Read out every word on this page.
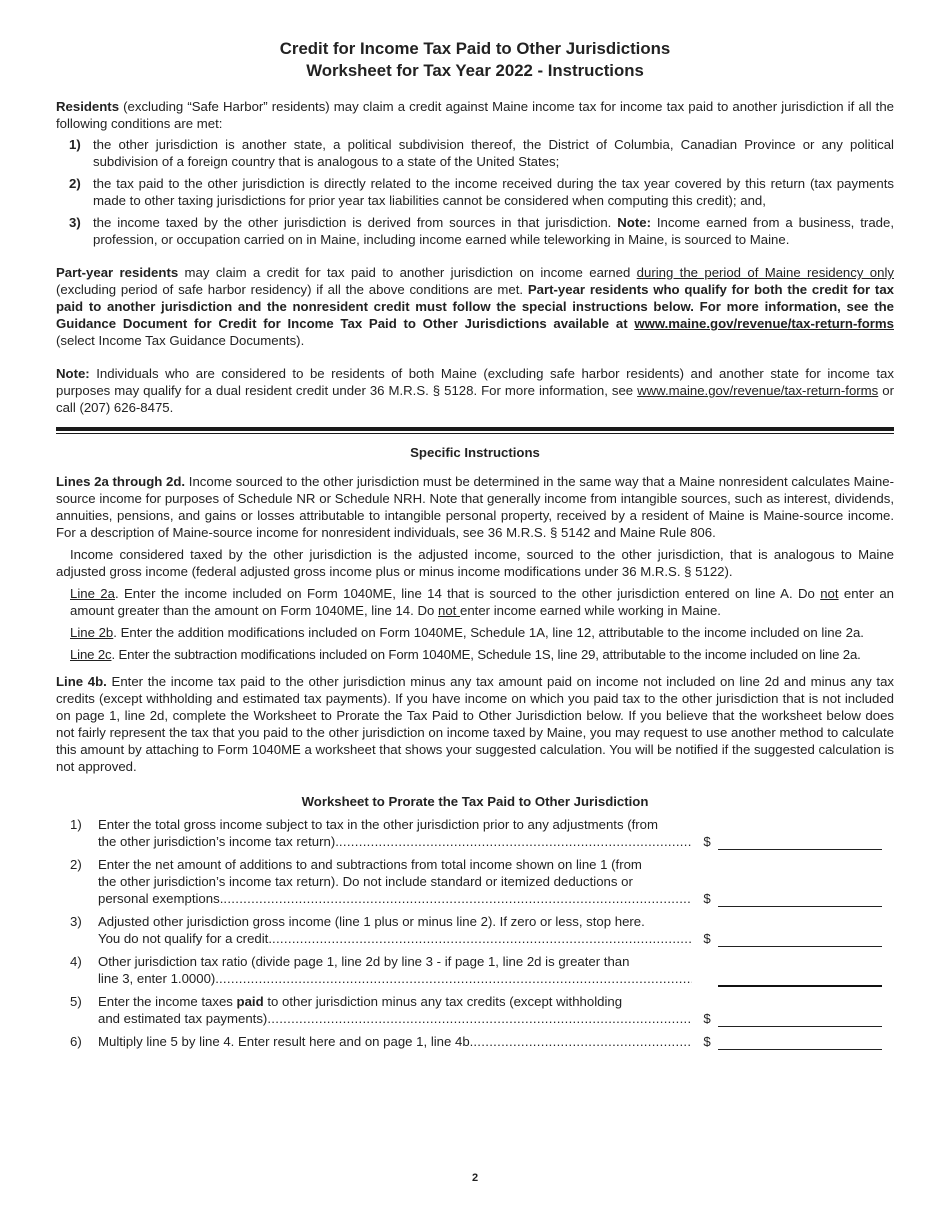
Credit for Income Tax Paid to Other Jurisdictions
Worksheet for Tax Year 2022 - Instructions

Residents (excluding “Safe Harbor” residents) may claim a credit against Maine income tax for income tax paid to another jurisdiction if all the following conditions are met:

1) the other jurisdiction is another state, a political subdivision thereof, the District of Columbia, Canadian Province or any political subdivision of a foreign country that is analogous to a state of the United States;
2) the tax paid to the other jurisdiction is directly related to the income received during the tax year covered by this return (tax payments made to other taxing jurisdictions for prior year tax liabilities cannot be considered when computing this credit); and,
3) the income taxed by the other jurisdiction is derived from sources in that jurisdiction. Note: Income earned from a business, trade, profession, or occupation carried on in Maine, including income earned while teleworking in Maine, is sourced to Maine.

Part-year residents may claim a credit for tax paid to another jurisdiction on income earned during the period of Maine residency only (excluding period of safe harbor residency) if all the above conditions are met. Part-year residents who qualify for both the credit for tax paid to another jurisdiction and the nonresident credit must follow the special instructions below. For more information, see the Guidance Document for Credit for Income Tax Paid to Other Jurisdictions available at www.maine.gov/revenue/tax-return-forms (select Income Tax Guidance Documents).

Note: Individuals who are considered to be residents of both Maine (excluding safe harbor residents) and another state for income tax purposes may qualify for a dual resident credit under 36 M.R.S. § 5128. For more information, see www.maine.gov/revenue/tax-return-forms or call (207) 626-8475.

Specific Instructions

Lines 2a through 2d. Income sourced to the other jurisdiction must be determined in the same way that a Maine nonresident calculates Maine-source income for purposes of Schedule NR or Schedule NRH. Note that generally income from intangible sources, such as interest, dividends, annuities, pensions, and gains or losses attributable to intangible personal property, received by a resident of Maine is Maine-source income. For a description of Maine-source income for nonresident individuals, see 36 M.R.S. § 5142 and Maine Rule 806.

Income considered taxed by the other jurisdiction is the adjusted income, sourced to the other jurisdiction, that is analogous to Maine adjusted gross income (federal adjusted gross income plus or minus income modifications under 36 M.R.S. § 5122).

Line 2a. Enter the income included on Form 1040ME, line 14 that is sourced to the other jurisdiction entered on line A. Do not enter an amount greater than the amount on Form 1040ME, line 14. Do not enter income earned while working in Maine.

Line 2b. Enter the addition modifications included on Form 1040ME, Schedule 1A, line 12, attributable to the income included on line 2a.

Line 2c. Enter the subtraction modifications included on Form 1040ME, Schedule 1S, line 29, attributable to the income included on line 2a.

Line 4b. Enter the income tax paid to the other jurisdiction minus any tax amount paid on income not included on line 2d and minus any tax credits (except withholding and estimated tax payments). If you have income on which you paid tax to the other jurisdiction that is not included on page 1, line 2d, complete the Worksheet to Prorate the Tax Paid to Other Jurisdiction below. If you believe that the worksheet below does not fairly represent the tax that you paid to the other jurisdiction on income taxed by Maine, you may request to use another method to calculate this amount by attaching to Form 1040ME a worksheet that shows your suggested calculation. You will be notified if the suggested calculation is not approved.

Worksheet to Prorate the Tax Paid to Other Jurisdiction
1)	Enter the total gross income subject to tax in the other jurisdiction prior to any adjustments (from
the other jurisdiction’s income tax return). .....	$
2)	Enter the net amount of additions to and subtractions from total income shown on line 1 (from
the other jurisdiction’s income tax return). Do not include standard or itemized deductions or
personal exemptions. .....	$
3)	Adjusted other jurisdiction gross income (line 1 plus or minus line 2). If zero or less, stop here.
You do not qualify for a credit. .....	$
4)	Other jurisdiction tax ratio (divide page 1, line 2d by line 3 - if page 1, line 2d is greater than
line 3, enter 1.0000).
.....
5)	Enter the income taxes paid to other jurisdiction minus any tax credits (except withholding
and estimated tax payments) .....	$
6)	Multiply line 5 by line 4. Enter result here and on page 1, line 4b. .....	$
2
